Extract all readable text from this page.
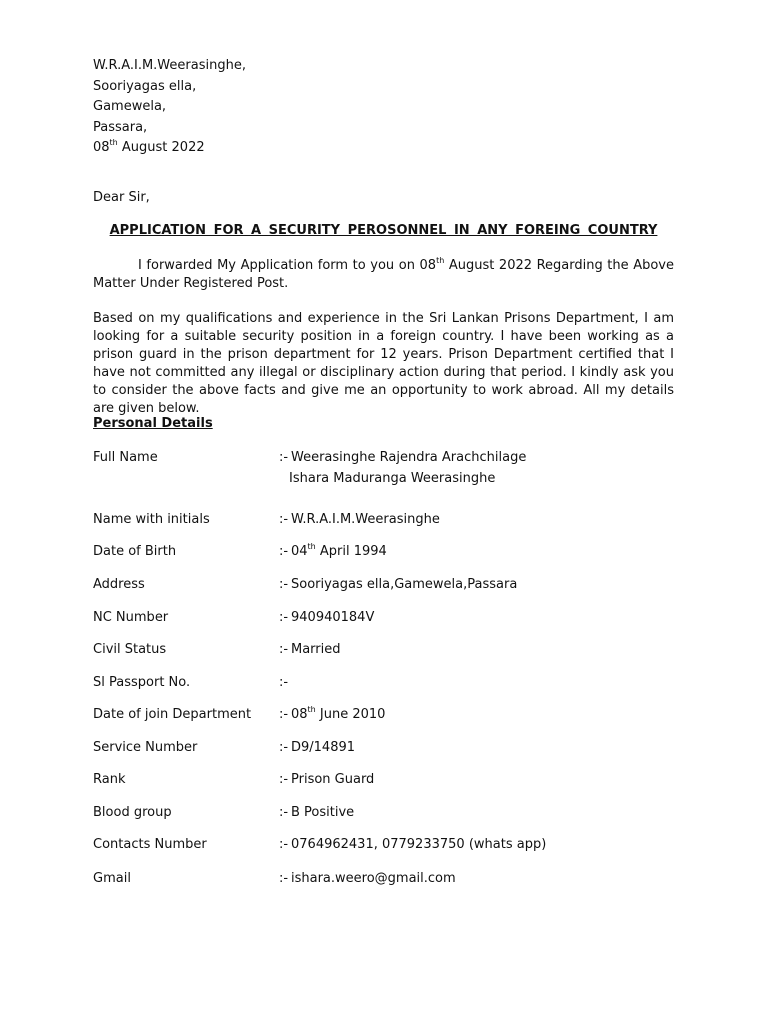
W.R.A.I.M.Weerasinghe,
Sooriyagas ella,
Gamewela,
Passara,
08th August 2022
Dear Sir,
APPLICATION FOR A SECURITY PEROSONNEL IN ANY FOREING COUNTRY
I forwarded My Application form to you on 08th August 2022 Regarding the Above Matter Under Registered Post.
Based on my qualifications and experience in the Sri Lankan Prisons Department, I am looking for a suitable security position in a foreign country. I have been working as a prison guard in the prison department for 12 years. Prison Department certified that I have not committed any illegal or disciplinary action during that period. I kindly ask you to consider the above facts and give me an opportunity to work abroad. All my details are given below.
Personal Details
Full Name	:- Weerasinghe Rajendra Arachchilage
Ishara Maduranga Weerasinghe
Name with initials	:- W.R.A.I.M.Weerasinghe
Date of Birth	:- 04th April 1994
Address	:- Sooriyagas ella,Gamewela,Passara
NC Number	:- 940940184V
Civil Status	:- Married
Sl Passport No.	:-
Date of join Department :- 08th June 2010
Service Number	:- D9/14891
Rank	:- Prison Guard
Blood group	:- B Positive
Contacts Number	:- 0764962431, 0779233750 (whats app)
Gmail	:- ishara.weero@gmail.com
